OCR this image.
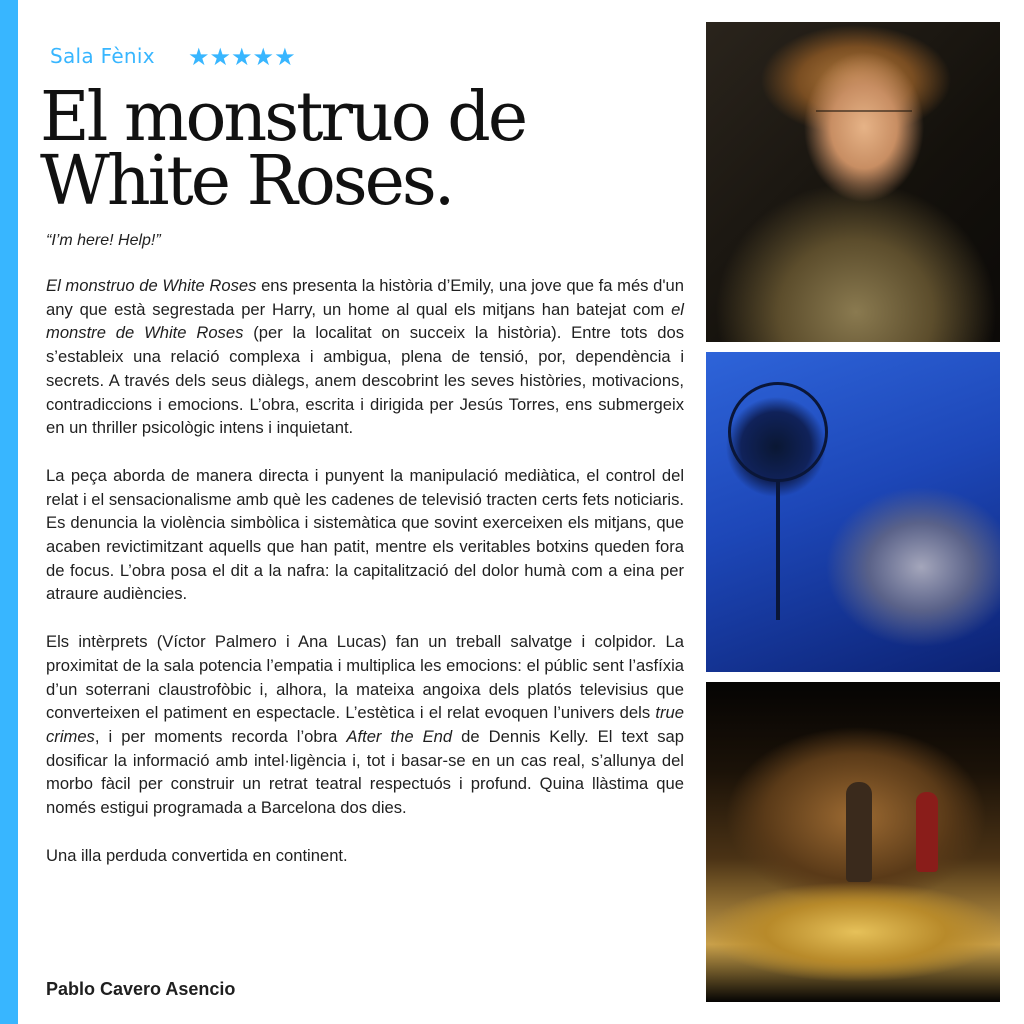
Sala Fènix ★★★★★
El monstruo de
White Roses.
“I’m here! Help!”

El monstruo de White Roses ens presenta la història d’Emily, una jove que fa més d'un any que està segrestada per Harry, un home al qual els mitjans han batejat com el monstre de White Roses (per la localitat on succeix la història). Entre tots dos s’estableix una relació complexa i ambigua, plena de tensió, por, dependència i secrets. A través dels seus diàlegs, anem descobrint les seves històries, motivacions, contradiccions i emocions. L’obra, escrita i dirigida per Jesús Torres, ens submergeix en un thriller psicològic intens i inquietant.

La peça aborda de manera directa i punyent la manipulació mediàtica, el control del relat i el sensacionalisme amb què les cadenes de televisió tracten certs fets noticiaris. Es denuncia la violència simbòlica i sistemàtica que sovint exerceixen els mitjans, que acaben revictimitzant aquells que han patit, mentre els veritables botxins queden fora de focus. L’obra posa el dit a la nafra: la capitalització del dolor humà com a eina per atraure audiències.

Els intèrprets (Víctor Palmero i Ana Lucas) fan un treball salvatge i colpidor. La proximitat de la sala potencia l’empatia i multiplica les emocions: el públic sent l’asfíxia d’un soterrani claustrofòbic i, alhora, la mateixa angoixa dels platós televisius que converteixen el patiment en espectacle. L’estètica i el relat evoquen l’univers dels true crimes, i per moments recorda l’obra After the End de Dennis Kelly. El text sap dosificar la informació amb intel·ligència i, tot i basar-se en un cas real, s’allunya del morbo fàcil per construir un retrat teatral respectuós i profund. Quina llàstima que només estigui programada a Barcelona dos dies.

Una illa perduda convertida en continent.

Pablo Cavero Asencio
